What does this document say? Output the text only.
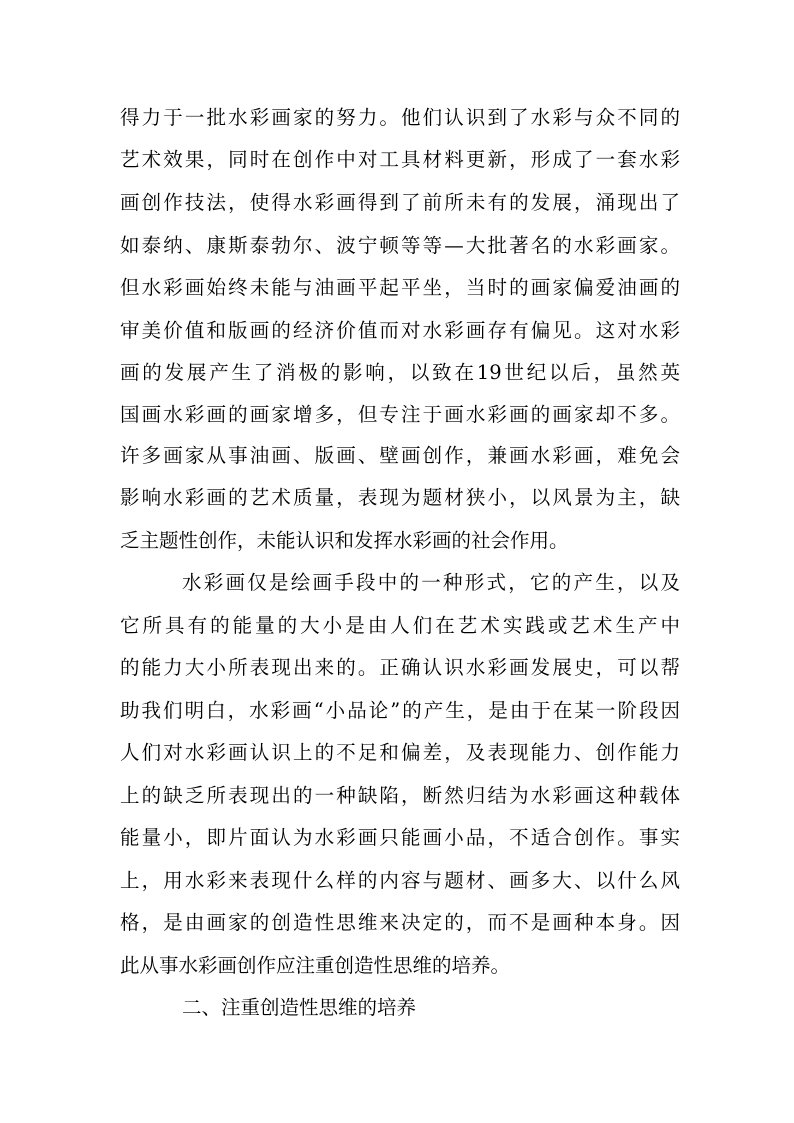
得力于一批水彩画家的努力。他们认识到了水彩与众不同的
艺术效果，同时在创作中对工具材料更新，形成了一套水彩
画创作技法，使得水彩画得到了前所未有的发展，涌现出了
如泰纳、康斯泰勃尔、波宁顿等等—大批著名的水彩画家。
但水彩画始终未能与油画平起平坐，当时的画家偏爱油画的
审美价值和版画的经济价值而对水彩画存有偏见。这对水彩
画的发展产生了消极的影响，以致在19世纪以后，虽然英
国画水彩画的画家增多，但专注于画水彩画的画家却不多。
许多画家从事油画、版画、壁画创作，兼画水彩画，难免会
影响水彩画的艺术质量，表现为题材狭小，以风景为主，缺
乏主题性创作，未能认识和发挥水彩画的社会作用。
水彩画仅是绘画手段中的一种形式，它的产生，以及
它所具有的能量的大小是由人们在艺术实践或艺术生产中
的能力大小所表现出来的。正确认识水彩画发展史，可以帮
助我们明白，水彩画“小品论”的产生，是由于在某一阶段因
人们对水彩画认识上的不足和偏差，及表现能力、创作能力
上的缺乏所表现出的一种缺陷，断然归结为水彩画这种载体
能量小，即片面认为水彩画只能画小品，不适合创作。事实
上，用水彩来表现什么样的内容与题材、画多大、以什么风
格，是由画家的创造性思维来决定的，而不是画种本身。因
此从事水彩画创作应注重创造性思维的培养。
二、注重创造性思维的培养
